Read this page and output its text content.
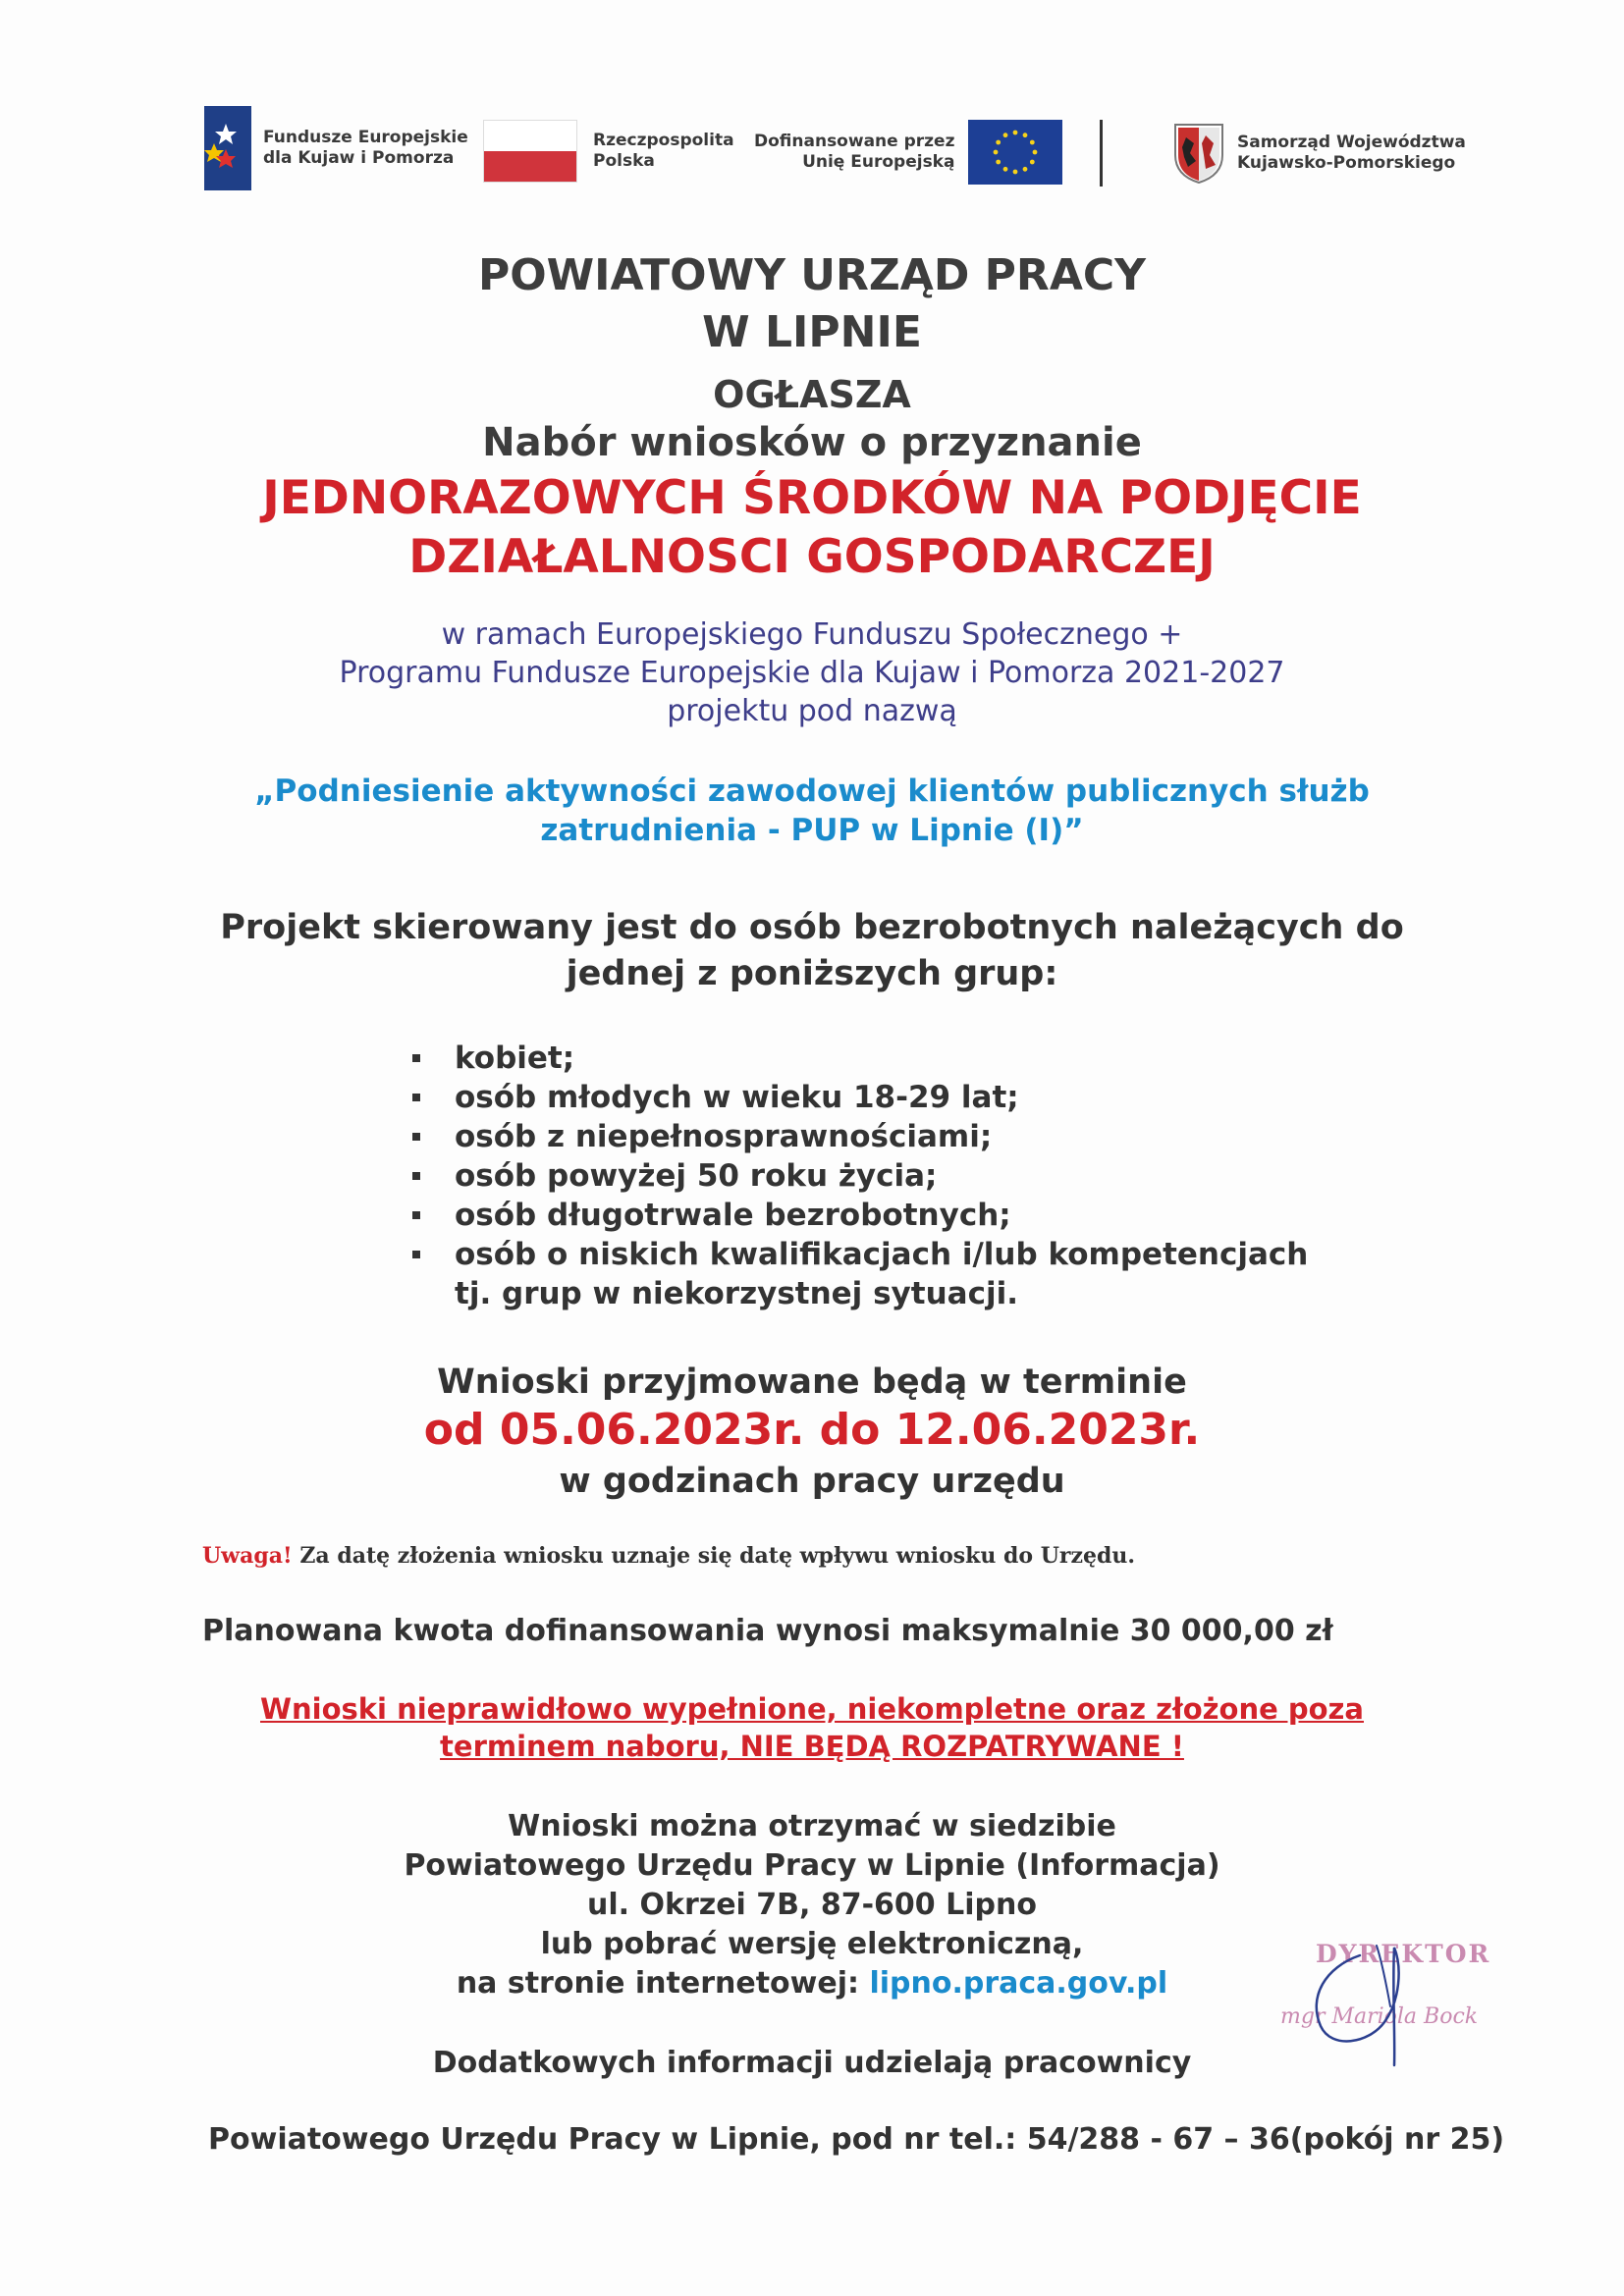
Fundusze Europejskie
dla Kujaw i Pomorza
Rzeczpospolita
Polska
Dofinansowane przez
Unię Europejską
Samorząd Województwa
Kujawsko-Pomorskiego
POWIATOWY URZĄD PRACY
W LIPNIE
OGŁASZA
Nabór wniosków o przyznanie
JEDNORAZOWYCH ŚRODKÓW NA PODJĘCIE
DZIAŁALNOSCI GOSPODARCZEJ
w ramach Europejskiego Funduszu Społecznego +
Programu Fundusze Europejskie dla Kujaw i Pomorza 2021-2027
projektu pod nazwą
„Podniesienie aktywności zawodowej klientów publicznych służb
zatrudnienia - PUP w Lipnie (I)”
Projekt skierowany jest do osób bezrobotnych należących do
jednej z poniższych grup:
kobiet;
osób młodych w wieku 18-29 lat;
osób z niepełnosprawnościami;
osób powyżej 50 roku życia;
osób długotrwale bezrobotnych;
osób o niskich kwalifikacjach i/lub kompetencjach
tj. grup w niekorzystnej sytuacji.
Wnioski przyjmowane będą w terminie
od 05.06.2023r. do 12.06.2023r.
w godzinach pracy urzędu

Uwaga! Za datę złożenia wniosku uznaje się datę wpływu wniosku do Urzędu.

Planowana kwota dofinansowania wynosi maksymalnie 30 000,00 zł

Wnioski nieprawidłowo wypełnione, niekompletne oraz złożone poza
terminem naboru, NIE BĘDĄ ROZPATRYWANE !
Wnioski można otrzymać w siedzibie
Powiatowego Urzędu Pracy w Lipnie (Informacja)
ul. Okrzei 7B, 87-600 Lipno
lub pobrać wersję elektroniczną,
na stronie internetowej: lipno.praca.gov.pl
Dodatkowych informacji udzielają pracownicy

Powiatowego Urzędu Pracy w Lipnie, pod nr tel.: 54/288 - 67 – 36(pokój nr 25)

DYREKTOR
mgr Mariola Bock
